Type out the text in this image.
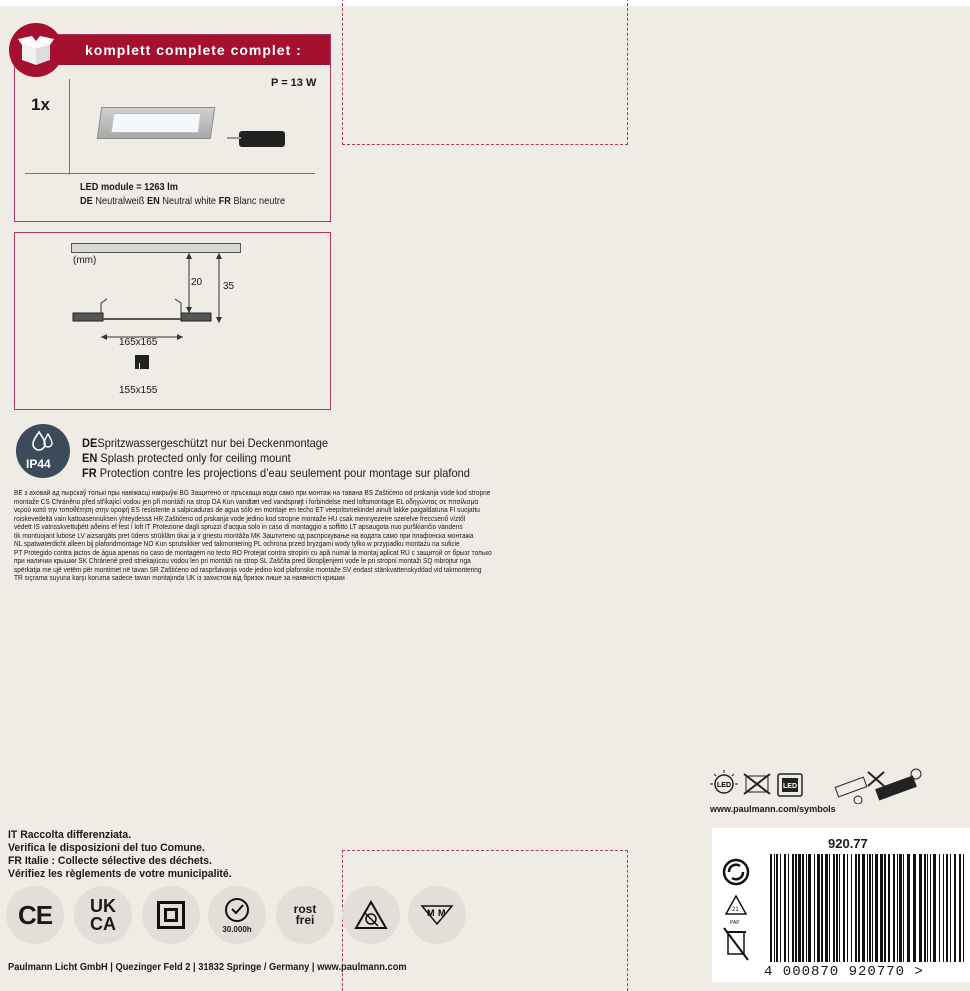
komplett complete complet :
1x
P = 13 W
LED module = 1263 lm
DE Neutralweiß EN Neutral white FR Blanc neutre
(mm)
20 35
165x165
155x155
IP44
DESpritzwassergeschützt nur bei Deckenmontage
EN Splash protected only for ceiling mount
FR Protection contre les projections d’eau seulement pour montage sur plafond
BE з аховай ад пырскаў толькі пры навіжасці накрыўкі BG Защитено от пръскаща вода само при монтаж на тавана BS Zaštićeno od prskanja vode kod stropne
montaže CS Chráněno před stříkající vodou jen při montáži na strop DA Kun vandtæt ved vandsprøjt i forbindelse med loftsmontage EL οδηγώντας σε πιτσίλισμα
νερού κατά την τοποθέτηση στην οροφή ES resistente a salpicaduras de agua sólo en montaje en techo ET veepritsmekindel ainult lakke paigaldatuna FI suojattu
roiskevedeltä vain kattoasennuksen yhteydessä HR Zaštićeno od prskanja vode jedino kod stropne montaže HU csak mennyezetre szerelve freccsenő víztől
védett IS vatnsskvettuþétt aðeins ef fest í loft IT Protezione dagli spruzzi d’acqua solo in caso di montaggio a soffitto LT apsaugota nuo purškiančio vandens
tik montuojant lubose LV aizsargāts pret ūdens strūklām tikai ja ir griestu montāža MK Заштитено од распрскување на водата само при плафонска монтажа
NL spatwaterdicht alleen bij plafondmontage NO Kun sprutsikker ved takmontering PL ochrona przed bryzgami wody tylko w przypadku montażu na suficie
PT Protegido contra jactos de água apenas no caso de montagem no tecto RO Protejat contra stropirii cu apă numai la montaj aplicat RU с защитой от брызг только
при наличии крышки SK Chránené pred striekajúcou vodou len pri montáži na strop SL Zaščita pred škropljenjem vode le pri stropni montaži SQ mbrojtur nga
spërkatja me ujë vetëm për montimet në tavan SR Zaštićeno od raspršavanja vode jedino kod plafonske montaže SV endast stänkvattenskyddad vid takmontering
TR sıçrama suyuna karşı koruma sadece tavan montajında UK із захистом від бризок лише за наявності кришки
LED	LED
www.paulmann.com/symbols
920.77
21
PAP
4 000870 920770 >
IT Raccolta differenziata.
Verifica le disposizioni del tuo Comune.
FR Italie : Collecte sélective des déchets.
Vérifiez les règlements de votre municipalité.
CE UK
CA	30.000h
rost
frei	M M
Paulmann Licht GmbH | Quezinger Feld 2 | 31832 Springe / Germany | www.paulmann.com
